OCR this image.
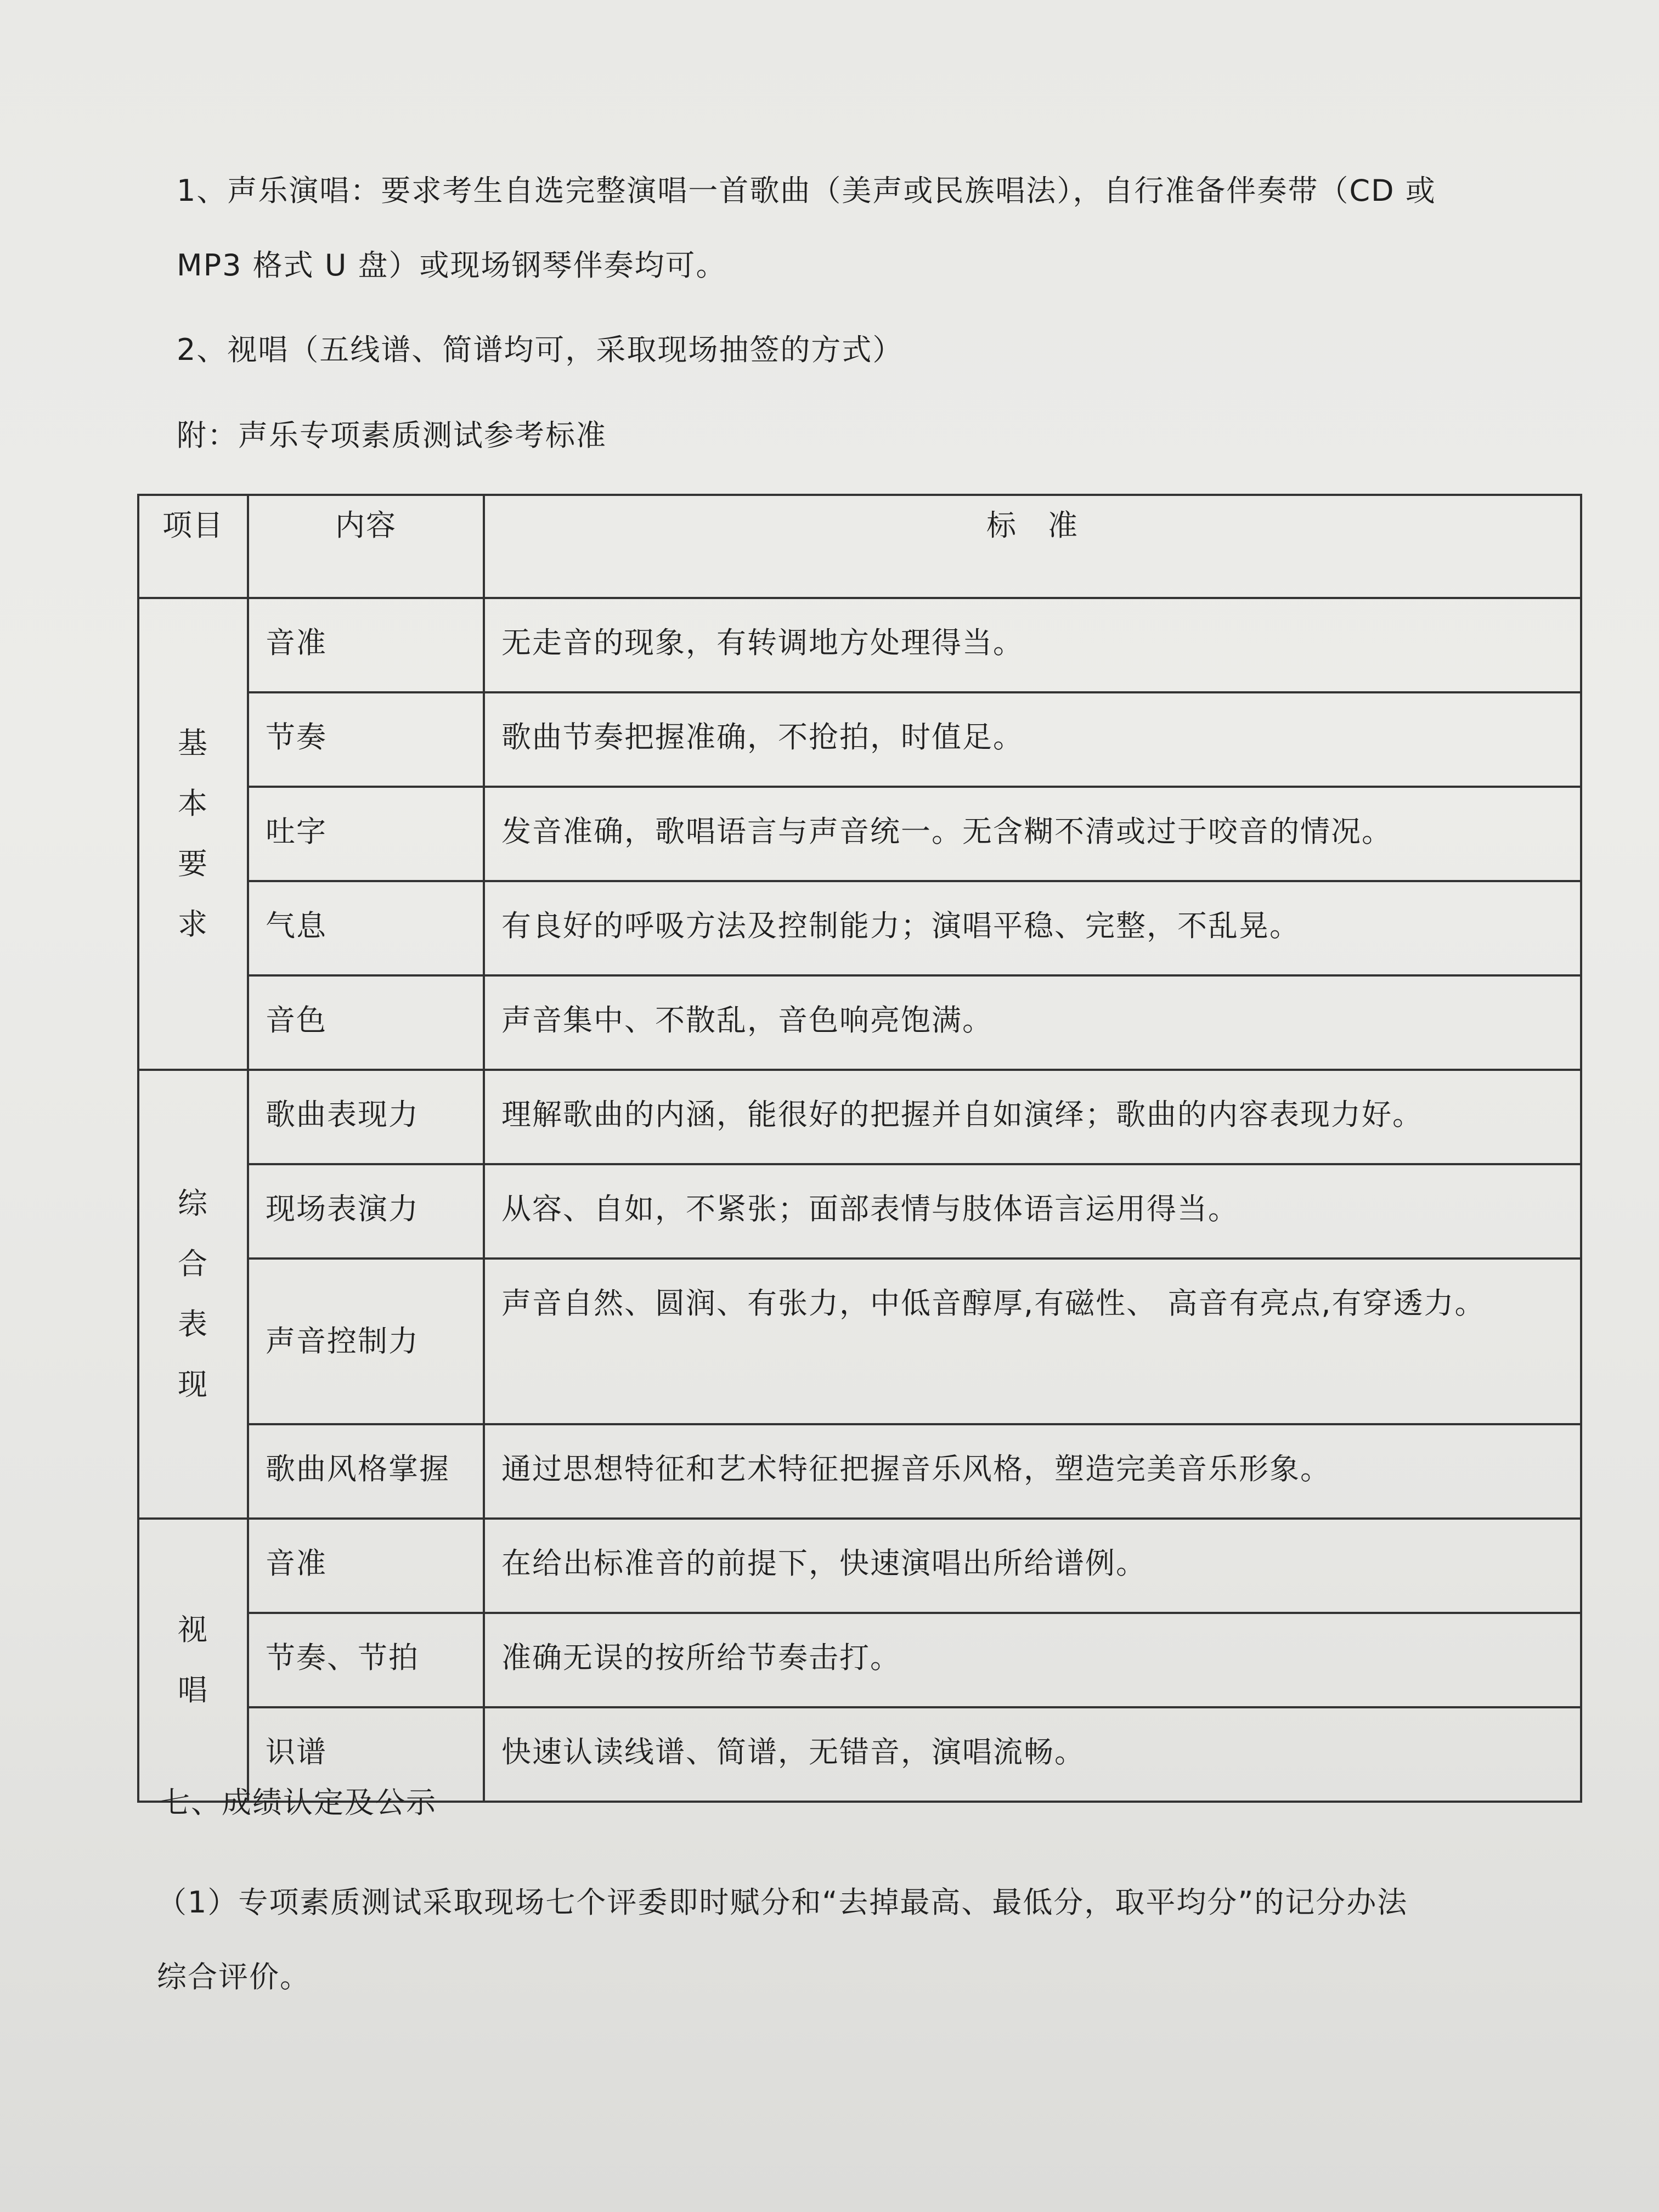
1、声乐演唱：要求考生自选完整演唱一首歌曲（美声或民族唱法），自行准备伴奏带（CD 或
MP3 格式 U 盘）或现场钢琴伴奏均可。

2、视唱（五线谱、简谱均可，采取现场抽签的方式）

附：声乐专项素质测试参考标准

项目	内容	标　准
基本要求	音准	无走音的现象，有转调地方处理得当。
	节奏	歌曲节奏把握准确，不抢拍，时值足。
	吐字	发音准确，歌唱语言与声音统一。无含糊不清或过于咬音的情况。
	气息	有良好的呼吸方法及控制能力；演唱平稳、完整，不乱晃。
	音色	声音集中、不散乱，音色响亮饱满。
综合表现	歌曲表现力	理解歌曲的内涵，能很好的把握并自如演绎；歌曲的内容表现力好。
	现场表演力	从容、自如，不紧张；面部表情与肢体语言运用得当。
	声音控制力	声音自然、圆润、有张力，中低音醇厚,有磁性、 高音有亮点,有穿透力。
	歌曲风格掌握	通过思想特征和艺术特征把握音乐风格，塑造完美音乐形象。
视唱	音准	在给出标准音的前提下，快速演唱出所给谱例。
	节奏、节拍	准确无误的按所给节奏击打。
	识谱	快速认读线谱、简谱，无错音，演唱流畅。

七、成绩认定及公示

（1）专项素质测试采取现场七个评委即时赋分和“去掉最高、最低分，取平均分”的记分办法
综合评价。
